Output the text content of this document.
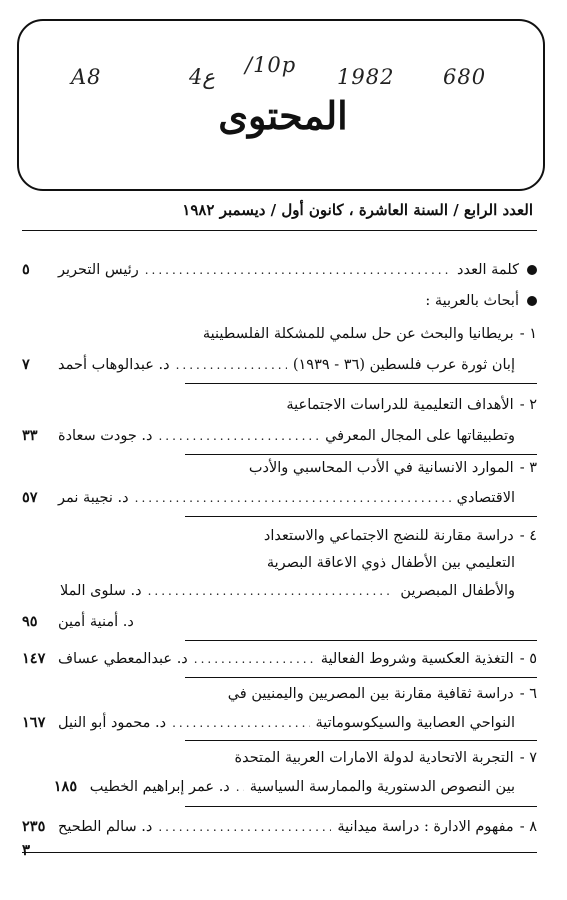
A8	4ع /10p 1982 680
المحتوى
العدد الرابع / السنة العاشرة ، كانون أول / ديسمبر ١٩٨٢
كلمة العدد
.....
رئيس التحرير
٥
أبحاث بالعربية :
١ -
بريطانيا والبحث عن حل سلمي للمشكلة الفلسطينية
إبان ثورة عرب فلسطين (٣٦ - ١٩٣٩)
.....
د. عبدالوهاب أحمد
٧
٢ -
الأهداف التعليمية للدراسات الاجتماعية
وتطبيقاتها على المجال المعرفي
.....
د. جودت سعادة
٣٣
٣ -
الموارد الانسانية في الأدب المحاسبي والأدب
الاقتصادي
.....
د. نجيبة نمر
٥٧
٤ -
دراسة مقارنة للنضج الاجتماعي والاستعداد
التعليمي بين الأطفال ذوي الاعاقة البصرية
والأطفال المبصرين
.....
د. سلوى الملا
د. أمنية أمين
٩٥
٥ -
التغذية العكسية وشروط الفعالية
.....
د. عبدالمعطي عساف
١٤٧
٦ -
دراسة ثقافية مقارنة بين المصريين واليمنيين في
النواحي العصابية والسيكوسوماتية
.....
د. محمود أبو النيل
١٦٧
٧ -
التجربة الاتحادية لدولة الامارات العربية المتحدة
بين النصوص الدستورية والممارسة السياسية
.....
د. عمر إبراهيم الخطيب
١٨٥
٨ -
مفهوم الادارة : دراسة ميدانية
.....
د. سالم الطحيح
٢٣٥
٣
